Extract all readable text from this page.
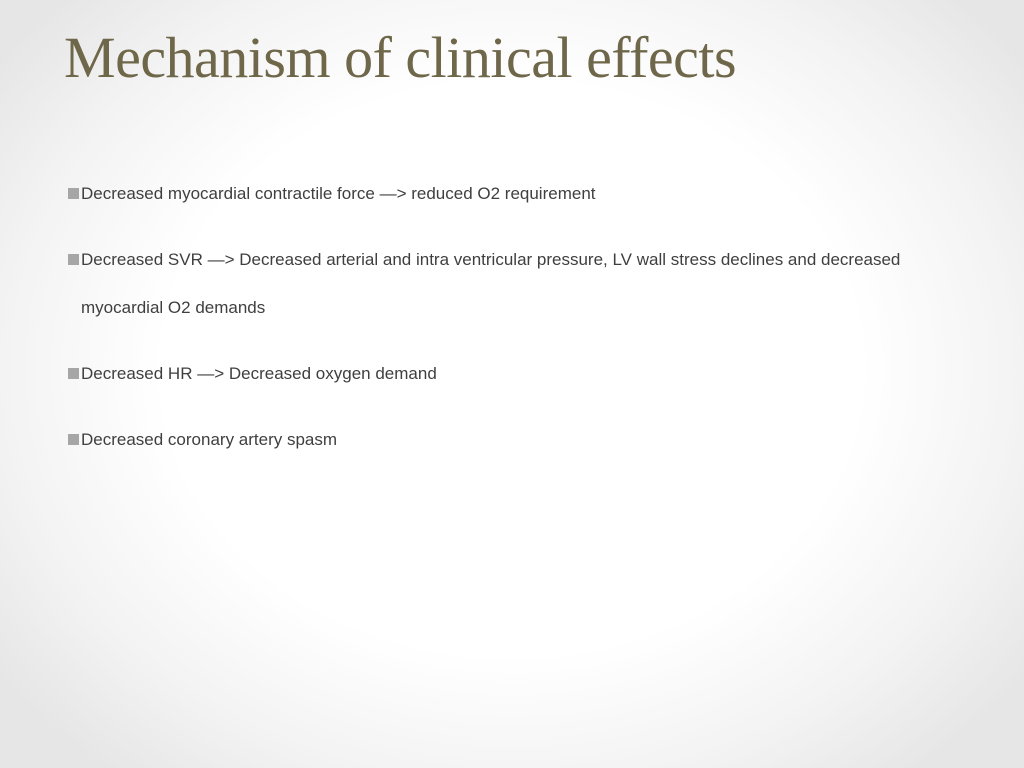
Mechanism of clinical effects
Decreased myocardial contractile force —> reduced O2 requirement
Decreased SVR —> Decreased arterial and intra ventricular pressure, LV wall stress declines and decreased myocardial O2 demands
Decreased HR —> Decreased oxygen demand
Decreased coronary artery spasm
